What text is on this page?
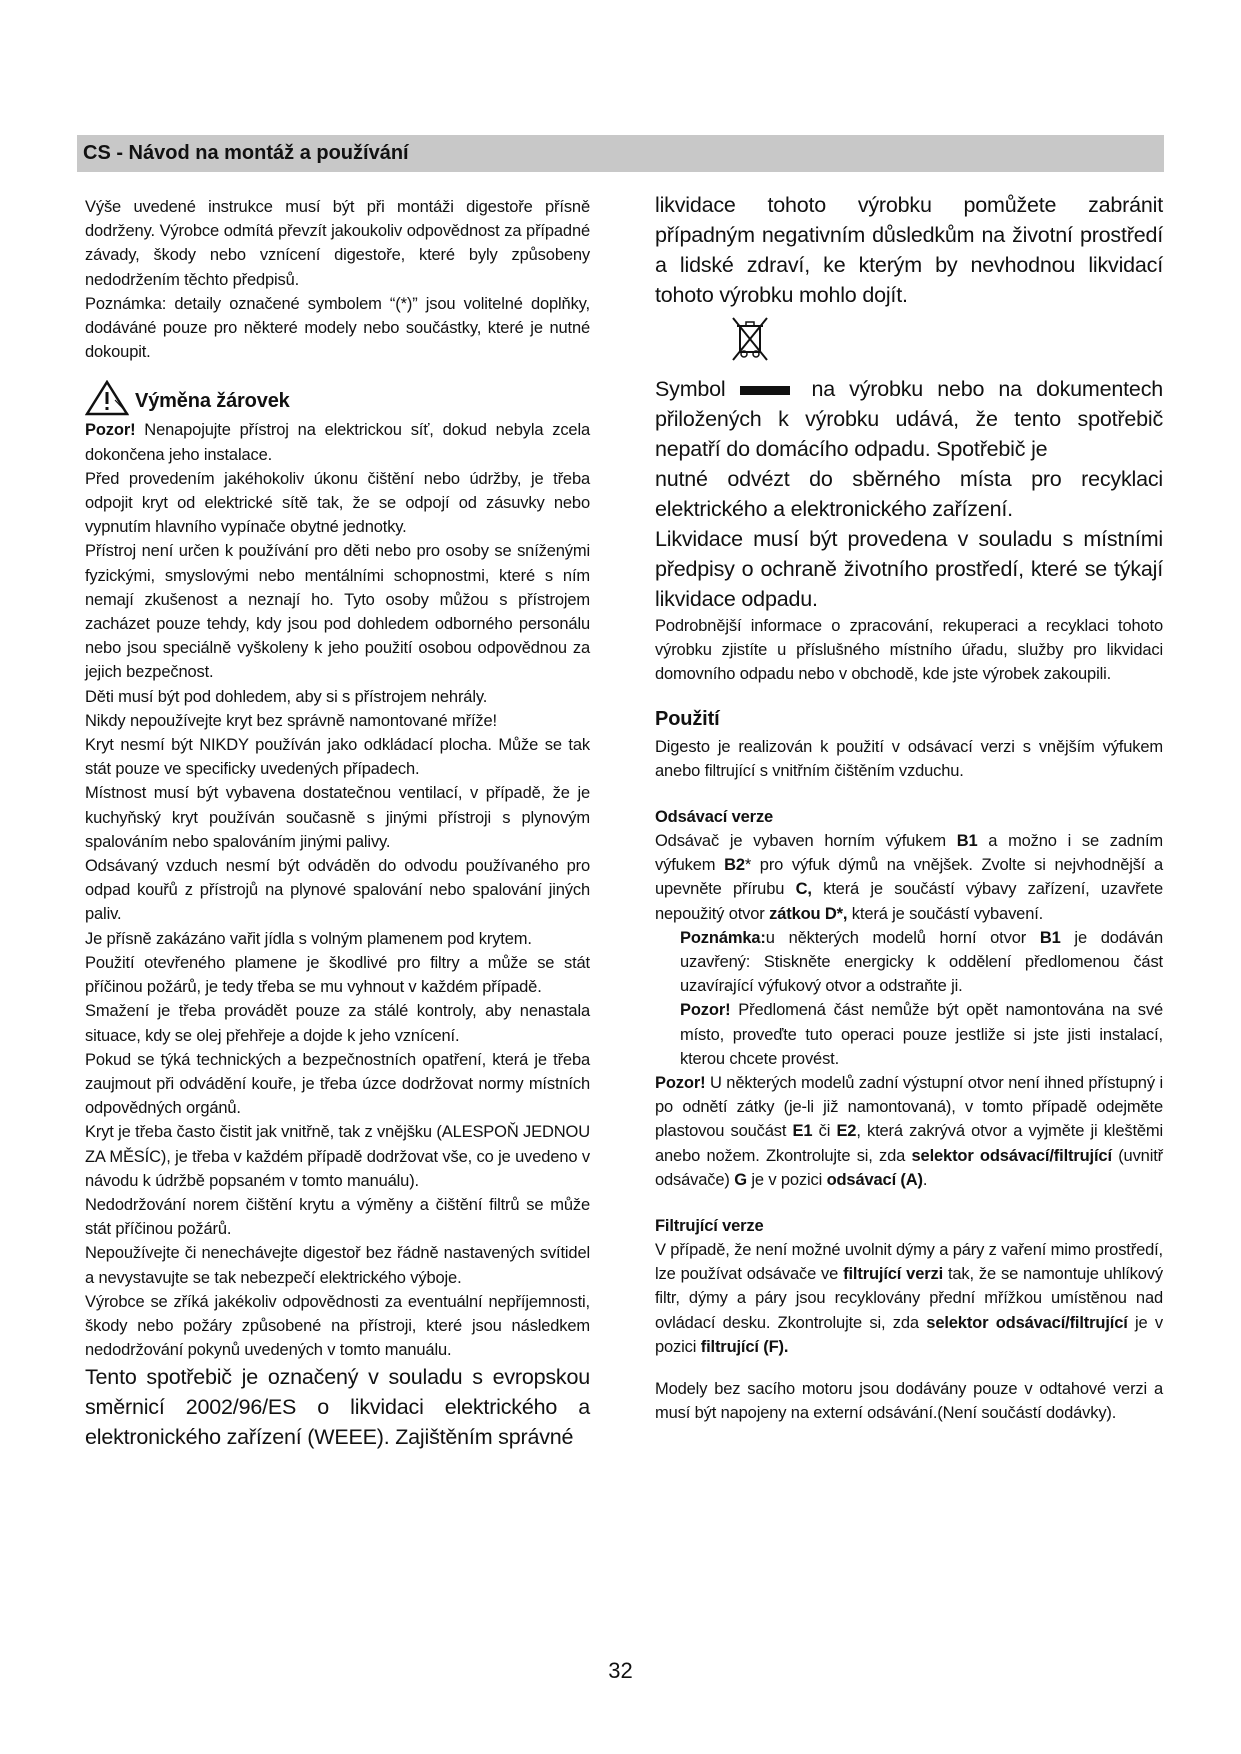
CS - Návod na montáž a používání

Výše uvedené instrukce musí být při montáži digestoře přísně dodrženy. Výrobce odmítá převzít jakoukoliv odpovědnost za případné závady, škody nebo vznícení digestoře, které byly způsobeny nedodržením těchto předpisů.

Poznámka: detaily označené symbolem “(*)” jsou volitelné doplňky, dodáváné pouze pro některé modely nebo součástky, které je nutné dokoupit.

Výměna žárovek

Pozor! Nenapojujte přístroj na elektrickou síť, dokud nebyla zcela dokončena jeho instalace.

Před provedením jakéhokoliv úkonu čištění nebo údržby, je třeba odpojit kryt od elektrické sítě tak, že se odpojí od zásuvky nebo vypnutím hlavního vypínače obytné jednotky.

Přístroj není určen k používání pro děti nebo pro osoby se sníženými fyzickými, smyslovými nebo mentálními schopnostmi, které s ním nemají zkušenost a neznají ho. Tyto osoby můžou s přístrojem zacházet pouze tehdy, kdy jsou pod dohledem odborného personálu nebo jsou speciálně vyškoleny k jeho použití osobou odpovědnou za jejich bezpečnost.

Děti musí být pod dohledem, aby si s přístrojem nehrály.

Nikdy nepoužívejte kryt bez správně namontované mříže!

Kryt nesmí být NIKDY používán jako odkládací plocha. Může se tak stát pouze ve specificky uvedených případech.

Místnost musí být vybavena dostatečnou ventilací, v případě, že je kuchyňský kryt používán současně s jinými přístroji s plynovým spalováním nebo spalováním jinými palivy.

Odsávaný vzduch nesmí být odváděn do odvodu používaného pro odpad kouřů z přístrojů na plynové spalování nebo spalování jiných paliv.

Je přísně zakázáno vařit jídla s volným plamenem pod krytem.

Použití otevřeného plamene je škodlivé pro filtry a může se stát příčinou požárů, je tedy třeba se mu vyhnout v každém případě.

Smažení je třeba provádět pouze za stálé kontroly, aby nenastala situace, kdy se olej přehřeje a dojde k jeho vznícení.

Pokud se týká technických a bezpečnostních opatření, která je třeba zaujmout při odvádění kouře, je třeba úzce dodržovat normy místních odpovědných orgánů.

Kryt je třeba často čistit jak vnitřně, tak z vnějšku (ALESPOŇ JEDNOU ZA MĚSÍC), je třeba v každém případě dodržovat vše, co je uvedeno v návodu k údržbě popsaném v tomto manuálu).

Nedodržování norem čištění krytu a výměny a čištění filtrů se může stát příčinou požárů.

Nepoužívejte či nenechávejte digestoř bez řádně nastavených svítidel a nevystavujte se tak nebezpečí elektrického výboje.

Výrobce se zříká jakékoliv odpovědnosti za eventuální nepříjemnosti, škody nebo požáry způsobené na přístroji, které jsou následkem nedodržování pokynů uvedených v tomto manuálu.

Tento spotřebič je označený v souladu s evropskou směrnicí 2002/96/ES o likvidaci elektrického a elektronického zařízení (WEEE). Zajištěním správné

likvidace tohoto výrobku pomůžete zabránit případným negativním důsledkům na životní prostředí a lidské zdraví, ke kterým by nevhodnou likvidací tohoto výrobku mohlo dojít.

Symbol	na výrobku nebo na dokumentech přiložených k výrobku udává, že tento spotřebič nepatří do domácího odpadu. Spotřebič je

nutné odvézt do sběrného místa pro recyklaci elektrického a elektronického zařízení.

Likvidace musí být provedena v souladu s místními předpisy o ochraně životního prostředí, které se týkají likvidace odpadu.

Podrobnější informace o zpracování, rekuperaci a recyklaci tohoto výrobku zjistíte u příslušného místního úřadu, služby pro likvidaci domovního odpadu nebo v obchodě, kde jste výrobek zakoupili.

Použití

Digesto je realizován k použití v odsávací verzi s vnějším výfukem anebo filtrující s vnitřním čištěním vzduchu.

Odsávací verze

Odsávač je vybaven horním výfukem B1 a možno i se zadním výfukem B2* pro výfuk dýmů na vnějšek. Zvolte si nejvhodnější a upevněte přírubu C, která je součástí výbavy zařízení, uzavřete nepoužitý otvor zátkou D*, která je součástí vybavení.

Poznámka:u některých modelů horní otvor B1 je dodáván uzavřený: Stiskněte energicky k oddělení předlomenou část uzavírající výfukový otvor a odstraňte ji.

Pozor! Předlomená část nemůže být opět namontována na své místo, proveďte tuto operaci pouze jestliže si jste jisti instalací, kterou chcete provést.

Pozor! U některých modelů zadní výstupní otvor není ihned přístupný i po odnětí zátky (je-li již namontovaná), v tomto případě odejměte plastovou součást E1 či E2, která zakrývá otvor a vyjměte ji kleštěmi anebo nožem. Zkontrolujte si, zda selektor odsávací/filtrující (uvnitř odsávače) G je v pozici odsávací (A).

Filtrující verze

V případě, že není možné uvolnit dýmy a páry z vaření mimo prostředí, lze používat odsávače ve filtrující verzi tak, že se namontuje uhlíkový filtr, dýmy a páry jsou recyklovány přední mřížkou umístěnou nad ovládací desku. Zkontrolujte si, zda selektor odsávací/filtrující je v pozici filtrující (F).

Modely bez sacího motoru jsou dodávány pouze v odtahové verzi a musí být napojeny na externí odsávání.(Není součástí dodávky).

32
